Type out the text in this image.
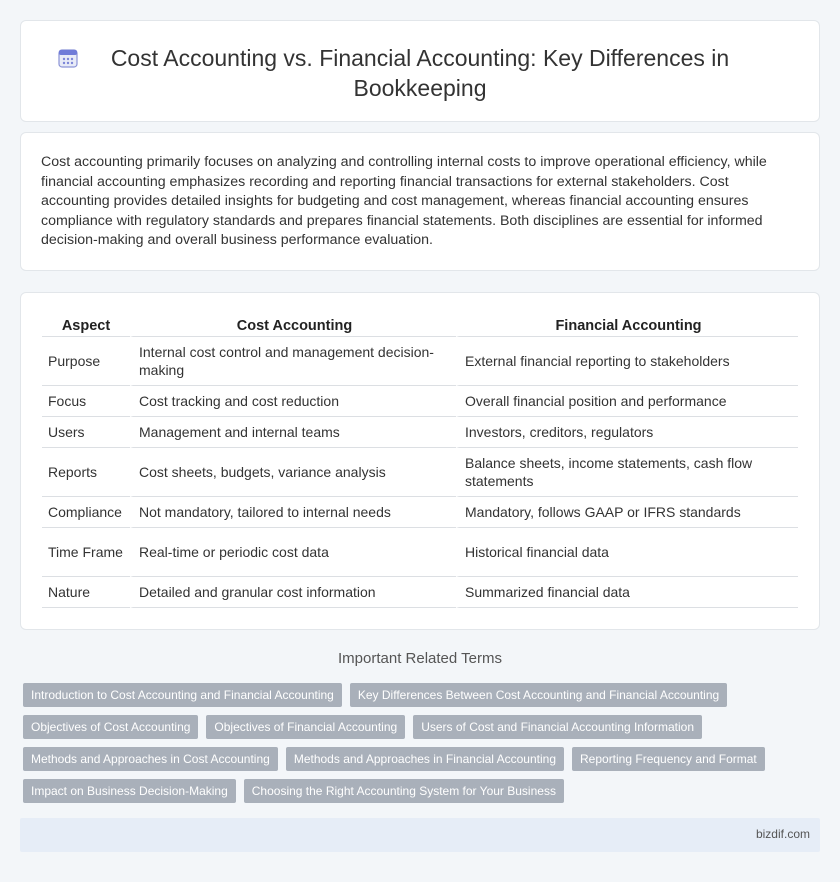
Cost Accounting vs. Financial Accounting: Key Differences in Bookkeeping

Cost accounting primarily focuses on analyzing and controlling internal costs to improve operational efficiency, while financial accounting emphasizes recording and reporting financial transactions for external stakeholders. Cost accounting provides detailed insights for budgeting and cost management, whereas financial accounting ensures compliance with regulatory standards and prepares financial statements. Both disciplines are essential for informed decision-making and overall business performance evaluation.

Aspect	Cost Accounting	Financial Accounting
Purpose	Internal cost control and management decision-making	External financial reporting to stakeholders
Focus	Cost tracking and cost reduction	Overall financial position and performance
Users	Management and internal teams	Investors, creditors, regulators
Reports	Cost sheets, budgets, variance analysis	Balance sheets, income statements, cash flow statements
Compliance	Not mandatory, tailored to internal needs	Mandatory, follows GAAP or IFRS standards
Time Frame	Real-time or periodic cost data	Historical financial data
Nature	Detailed and granular cost information	Summarized financial data
Important Related Terms
Introduction to Cost Accounting and Financial Accounting	Key Differences Between Cost Accounting and Financial Accounting
Objectives of Cost Accounting	Objectives of Financial Accounting	Users of Cost and Financial Accounting Information
Methods and Approaches in Cost Accounting	Methods and Approaches in Financial Accounting	Reporting Frequency and Format
Impact on Business Decision-Making	Choosing the Right Accounting System for Your Business
bizdif.com
